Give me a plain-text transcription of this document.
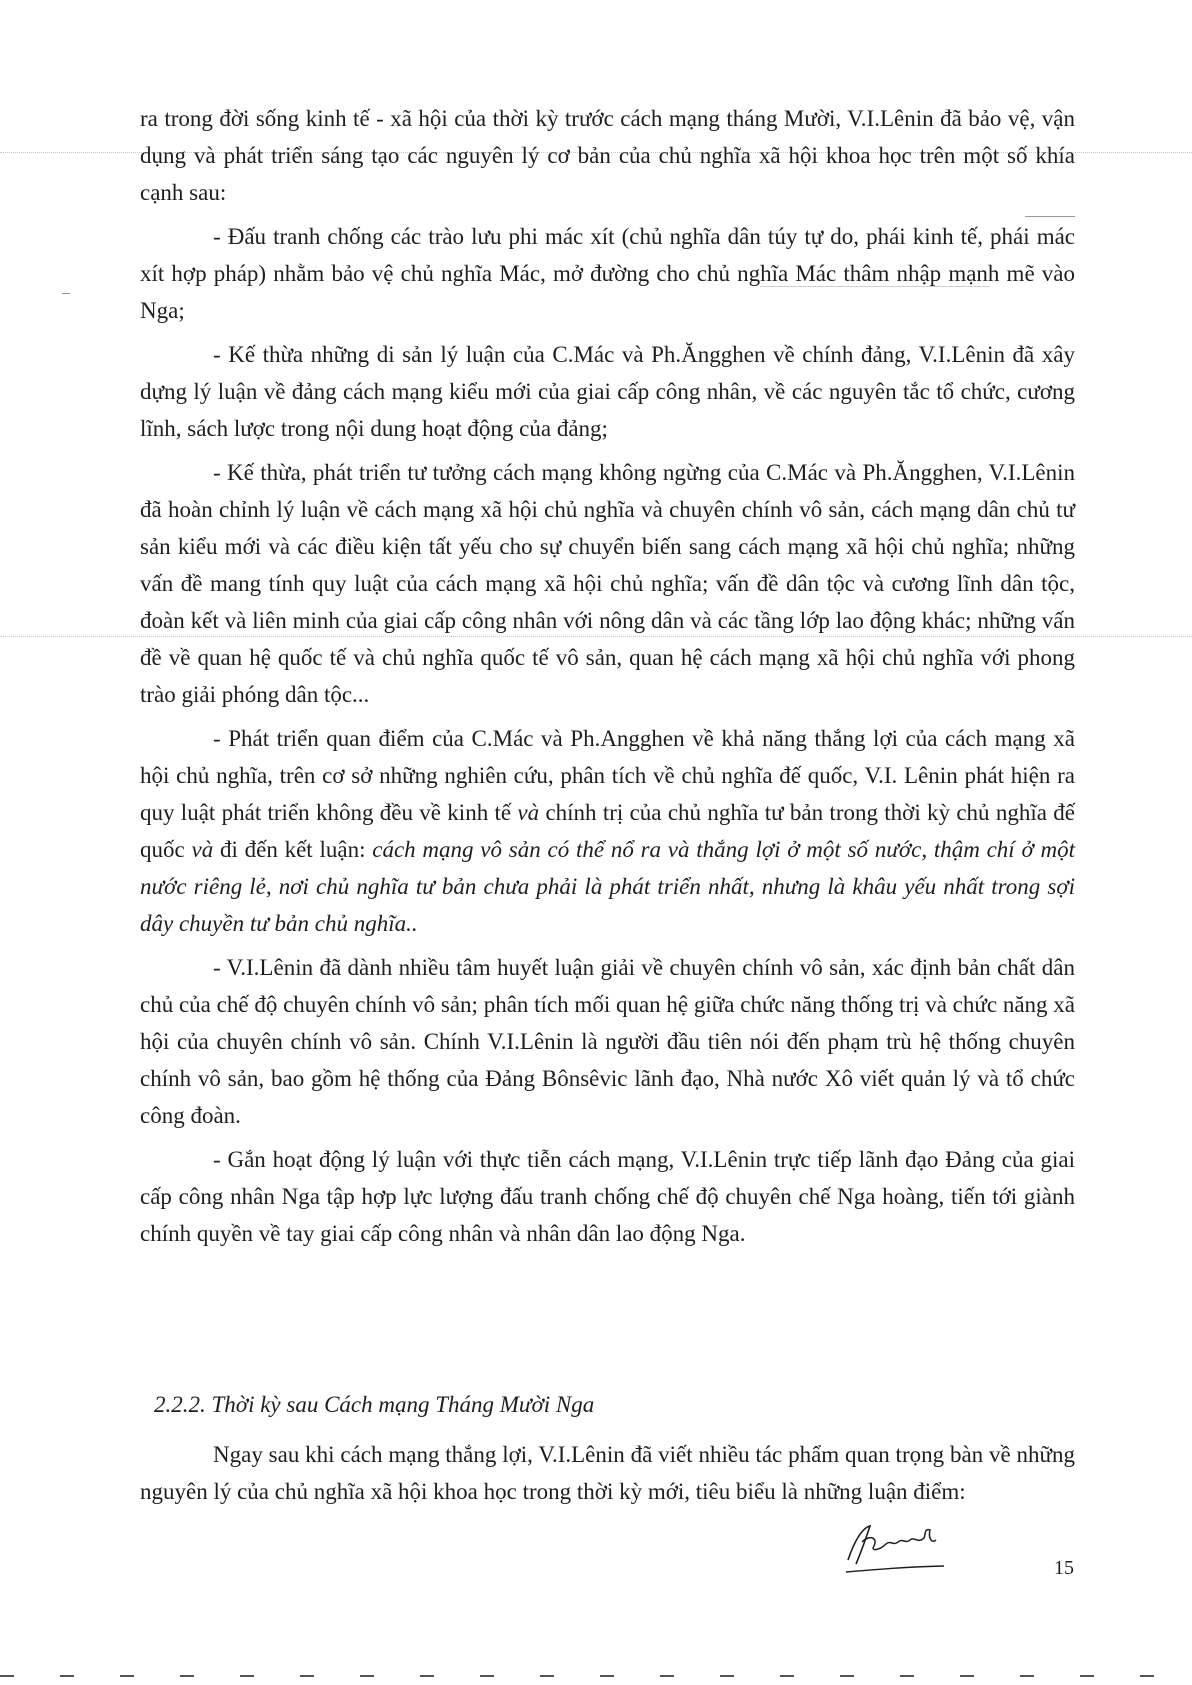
ra trong đời sống kinh tế - xã hội của thời kỳ trước cách mạng tháng Mười, V.I.Lênin đã bảo vệ, vận dụng và phát triển sáng tạo các nguyên lý cơ bản của chủ nghĩa xã hội khoa học trên một số khía cạnh sau:

- Đấu tranh chống các trào lưu phi mác xít (chủ nghĩa dân túy tự do, phái kinh tế, phái mác xít hợp pháp) nhằm bảo vệ chủ nghĩa Mác, mở đường cho chủ nghĩa Mác thâm nhập mạnh mẽ vào Nga;

- Kế thừa những di sản lý luận của C.Mác và Ph.Ăngghen về chính đảng, V.I.Lênin đã xây dựng lý luận về đảng cách mạng kiểu mới của giai cấp công nhân, về các nguyên tắc tổ chức, cương lĩnh, sách lược trong nội dung hoạt động của đảng;

- Kế thừa, phát triển tư tưởng cách mạng không ngừng của C.Mác và Ph.Ăngghen, V.I.Lênin đã hoàn chỉnh lý luận về cách mạng xã hội chủ nghĩa và chuyên chính vô sản, cách mạng dân chủ tư sản kiểu mới và các điều kiện tất yếu cho sự chuyển biến sang cách mạng xã hội chủ nghĩa; những vấn đề mang tính quy luật của cách mạng xã hội chủ nghĩa; vấn đề dân tộc và cương lĩnh dân tộc, đoàn kết và liên minh của giai cấp công nhân với nông dân và các tầng lớp lao động khác; những vấn đề về quan hệ quốc tế và chủ nghĩa quốc tế vô sản, quan hệ cách mạng xã hội chủ nghĩa với phong trào giải phóng dân tộc...

- Phát triển quan điểm của C.Mác và Ph.Angghen về khả năng thắng lợi của cách mạng xã hội chủ nghĩa, trên cơ sở những nghiên cứu, phân tích về chủ nghĩa đế quốc, V.I. Lênin phát hiện ra quy luật phát triển không đều về kinh tế và chính trị của chủ nghĩa tư bản trong thời kỳ chủ nghĩa đế quốc và đi đến kết luận: cách mạng vô sản có thể nổ ra và thắng lợi ở một số nước, thậm chí ở một nước riêng lẻ, nơi chủ nghĩa tư bản chưa phải là phát triển nhất, nhưng là khâu yếu nhất trong sợi dây chuyền tư bản chủ nghĩa..

- V.I.Lênin đã dành nhiều tâm huyết luận giải về chuyên chính vô sản, xác định bản chất dân chủ của chế độ chuyên chính vô sản; phân tích mối quan hệ giữa chức năng thống trị và chức năng xã hội của chuyên chính vô sản. Chính V.I.Lênin là người đầu tiên nói đến phạm trù hệ thống chuyên chính vô sản, bao gồm hệ thống của Đảng Bônsêvic lãnh đạo, Nhà nước Xô viết quản lý và tổ chức công đoàn.

- Gắn hoạt động lý luận với thực tiễn cách mạng, V.I.Lênin trực tiếp lãnh đạo Đảng của giai cấp công nhân Nga tập hợp lực lượng đấu tranh chống chế độ chuyên chế Nga hoàng, tiến tới giành chính quyền về tay giai cấp công nhân và nhân dân lao động Nga.

2.2.2. Thời kỳ sau Cách mạng Tháng Mười Nga

Ngay sau khi cách mạng thắng lợi, V.I.Lênin đã viết nhiều tác phẩm quan trọng bàn về những nguyên lý của chủ nghĩa xã hội khoa học trong thời kỳ mới, tiêu biểu là những luận điểm:

15
